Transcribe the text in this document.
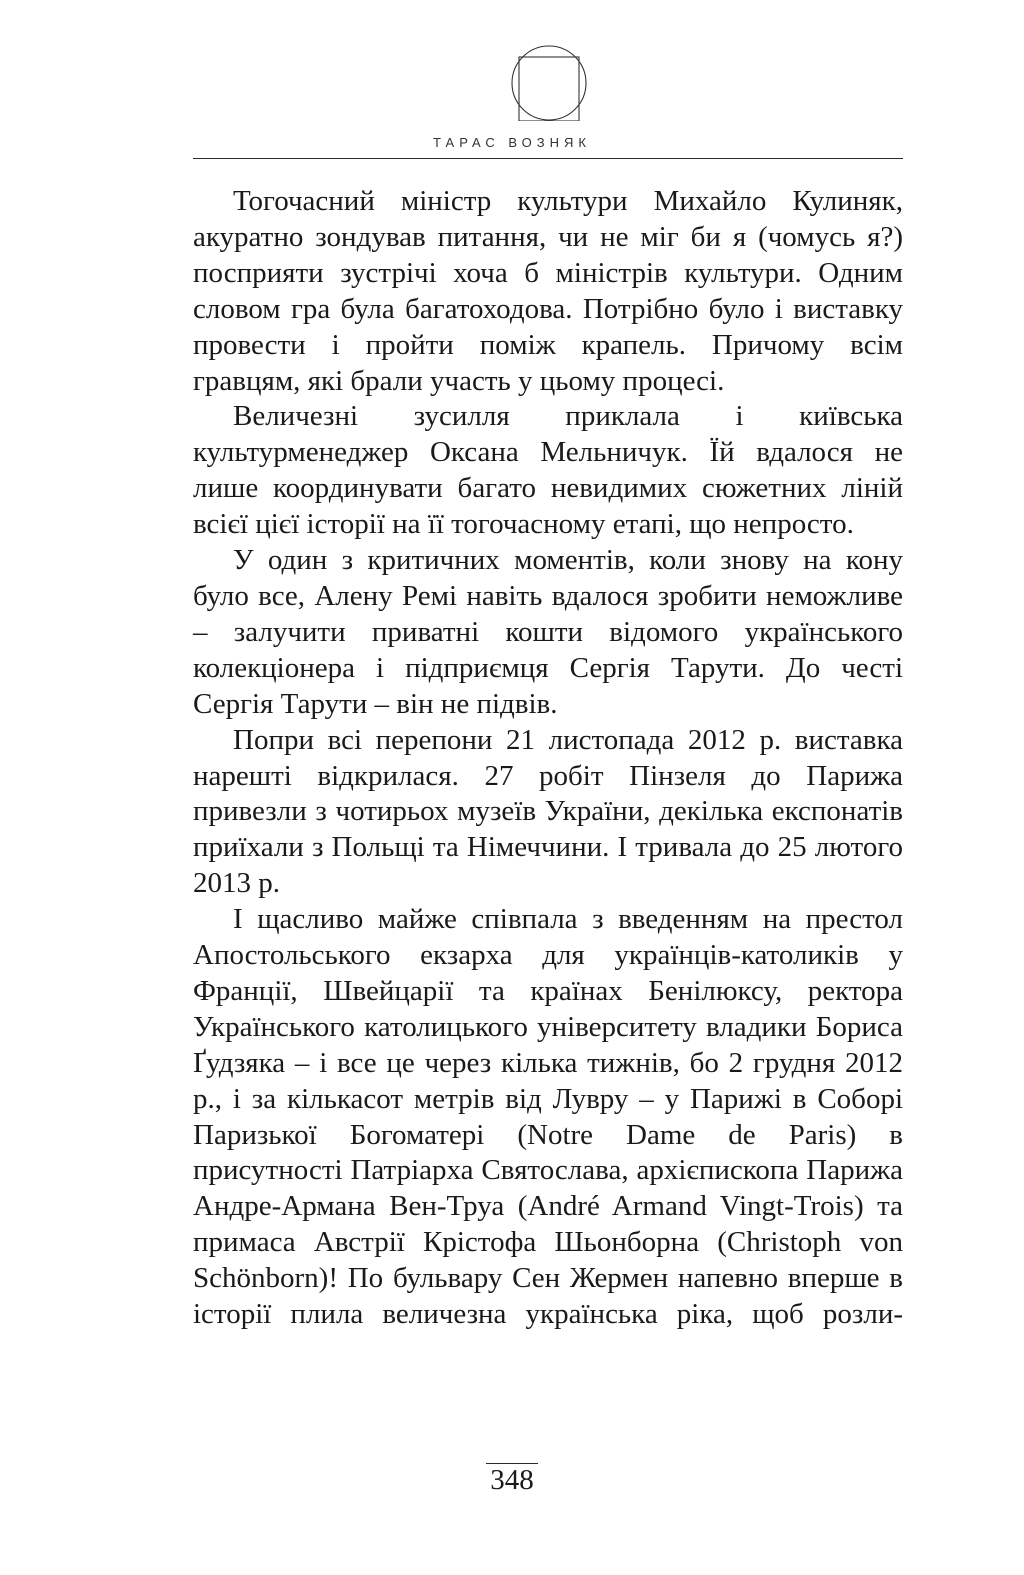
ТАРАС ВОЗНЯК

Тогочасний міністр культури Михайло Кулиняк, акуратно зондував питання, чи не міг би я (чомусь я?) посприяти зустрічі хоча б міністрів культури. Одним словом гра була багатоходова. Потрібно було і виставку провести і пройти поміж крапель. Причому всім гравцям, які брали участь у цьому процесі.

Величезні зусилля приклала і київська культурменеджер Оксана Мельничук. Їй вдалося не лише координувати багато невидимих сюжетних ліній всієї цієї історії на її тогочасному етапі, що непросто.

У один з критичних моментів, коли знову на кону було все, Алену Ремі навіть вдалося зробити неможливе – залучити приватні кошти відомого українського колекціонера і підприємця Сергія Тарути. До честі Сергія Тарути – він не підвів.

Попри всі перепони 21 листопада 2012 р. виставка нарешті відкрилася. 27 робіт Пінзеля до Парижа привезли з чотирьох музеїв України, декілька експонатів приїхали з Польщі та Німеччини. І тривала до 25 лютого 2013 р.

І щасливо майже співпала з введенням на престол Апостольського екзарха для українців-католиків у Франції, Швейцарії та країнах Бенілюксу, ректора Українського католицького університету владики Бориса Ґудзяка – і все це через кілька тижнів, бо 2 грудня 2012 р., і за кількасот метрів від Лувру – у Парижі в Соборі Паризької Богоматері (Notre Dame de Paris) в присутності Патріарха Святослава, архієпископа Парижа Андре-Армана Вен-Труа (André Armand Vingt-Trois) та примаса Австрії Крістофа Шьонборна (Christoph von Schönborn)! По бульвару Сен Жермен напевно вперше в історії плила величезна українська ріка, щоб розли-

348
